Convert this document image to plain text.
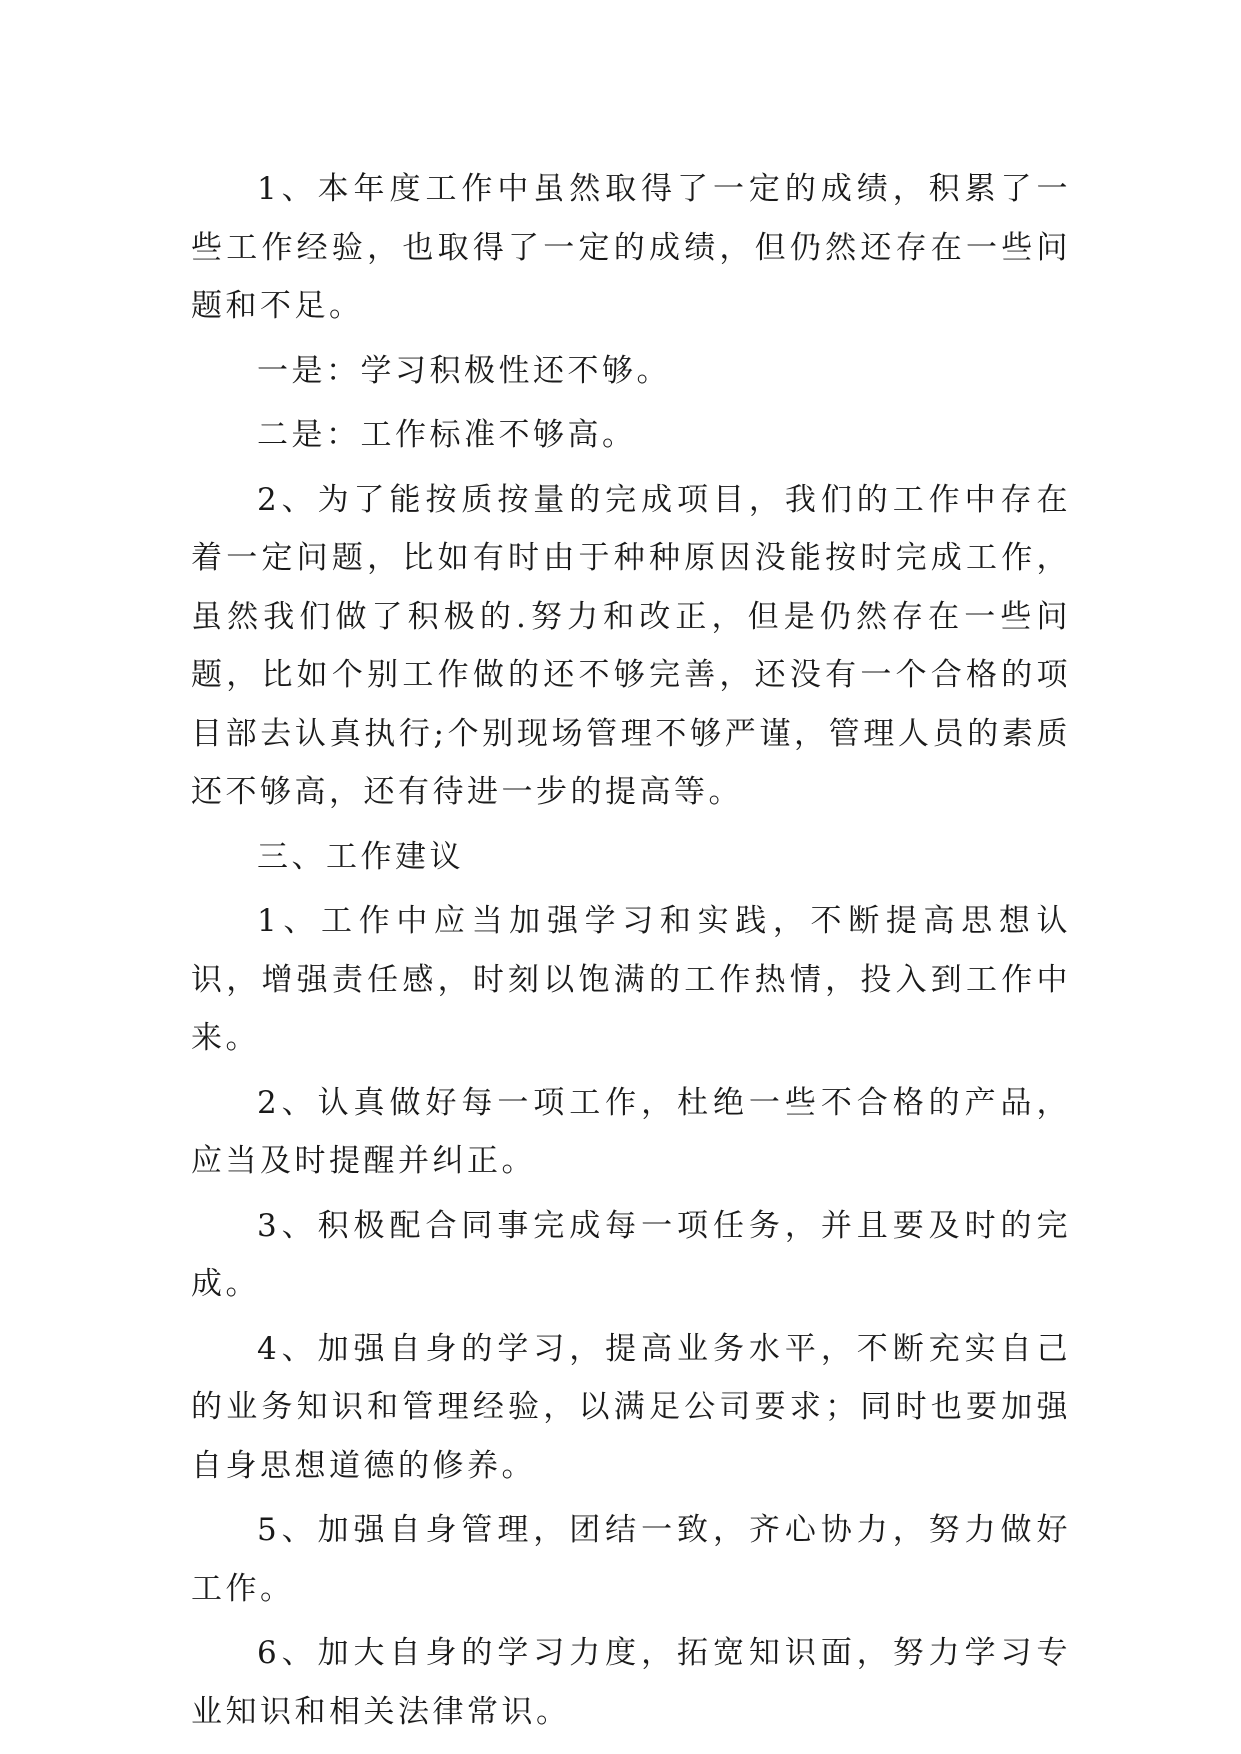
1、本年度工作中虽然取得了一定的成绩，积累了一些工作经验，也取得了一定的成绩，但仍然还存在一些问题和不足。

一是：学习积极性还不够。

二是：工作标准不够高。

2、为了能按质按量的完成项目，我们的工作中存在着一定问题，比如有时由于种种原因没能按时完成工作，虽然我们做了积极的.努力和改正，但是仍然存在一些问题，比如个别工作做的还不够完善，还没有一个合格的项目部去认真执行;个别现场管理不够严谨，管理人员的素质还不够高，还有待进一步的提高等。

三、工作建议

1、工作中应当加强学习和实践，不断提高思想认识，增强责任感，时刻以饱满的工作热情，投入到工作中来。

2、认真做好每一项工作，杜绝一些不合格的产品，应当及时提醒并纠正。

3、积极配合同事完成每一项任务，并且要及时的完成。

4、加强自身的学习，提高业务水平，不断充实自己的业务知识和管理经验，以满足公司要求；同时也要加强自身思想道德的修养。

5、加强自身管理，团结一致，齐心协力，努力做好工作。

6、加大自身的学习力度，拓宽知识面，努力学习专业知识和相关法律常识。
